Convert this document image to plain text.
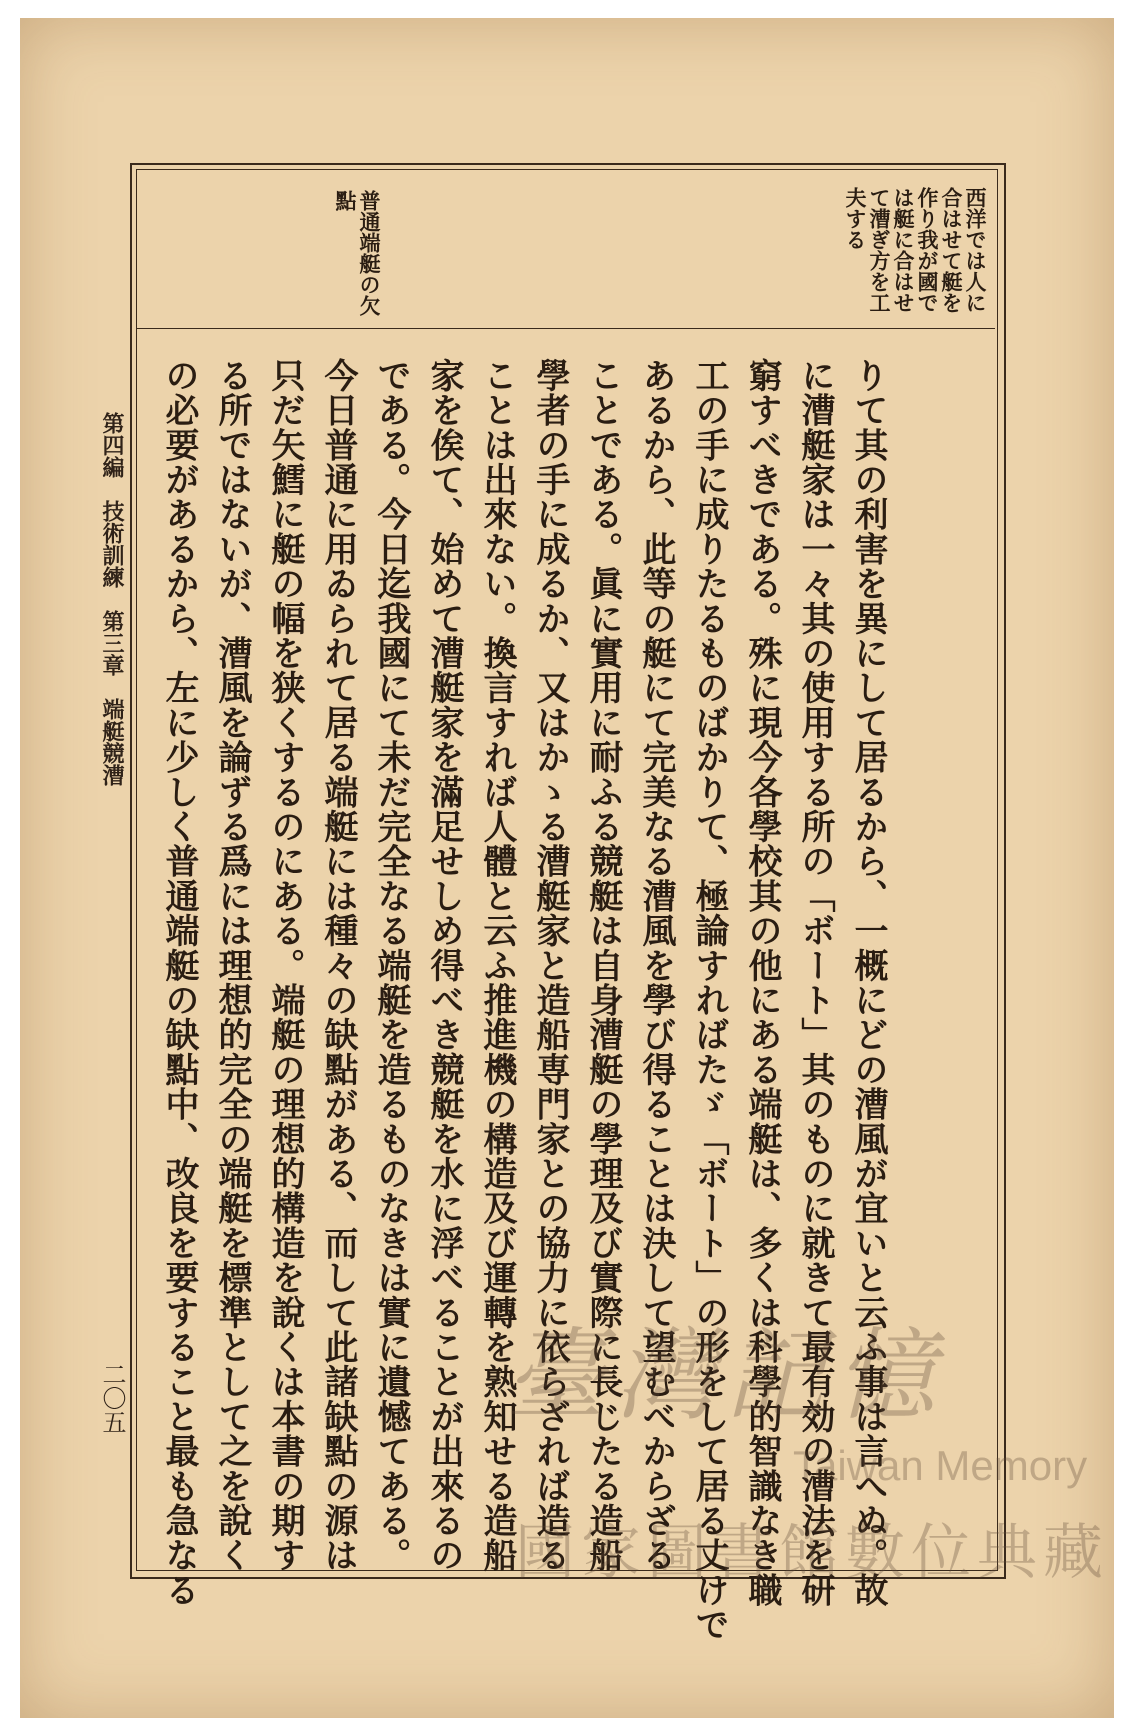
西洋では人に
合はせて艇を
作り我が國で
は艇に合はせ
て漕ぎ方を工
夫する

普通端艇の欠
點

りて其の利害を異にして居るから、一概にどの漕風が宜いと云ふ事は言へぬ。故

に漕艇家は一々其の使用する所の「ボート」其のものに就きて最有効の漕法を研

窮すべきである。殊に現今各學校其の他にある端艇は、多くは科學的智識なき職

工の手に成りたるものばかりて、極論すればたゞ「ボート」の形をして居る丈けで

あるから、此等の艇にて完美なる漕風を學び得ることは決して望むべからざる

ことである。眞に實用に耐ふる競艇は自身漕艇の學理及び實際に長じたる造船

學者の手に成るか、又はかゝる漕艇家と造船専門家との協力に依らざれば造る

ことは出來ない。換言すれば人體と云ふ推進機の構造及び運轉を熟知せる造船

家を俟て、始めて漕艇家を滿足せしめ得べき競艇を水に浮べることが出來るの

である。今日迄我國にて未だ完全なる端艇を造るものなきは實に遺憾てある。

今日普通に用ゐられて居る端艇には種々の缺點がある、而して此諸缺點の源は

只だ矢鱈に艇の幅を狭くするのにある。端艇の理想的構造を說くは本書の期す

る所ではないが、漕風を論ずる爲には理想的完全の端艇を標準として之を說く

の必要があるから、左に少しく普通端艇の缺點中、改良を要すること最も急なる

第四編　技術訓練　第三章　端艇競漕

二〇五	臺灣記憶
Taiwan Memory
國家圖書館數位典藏
